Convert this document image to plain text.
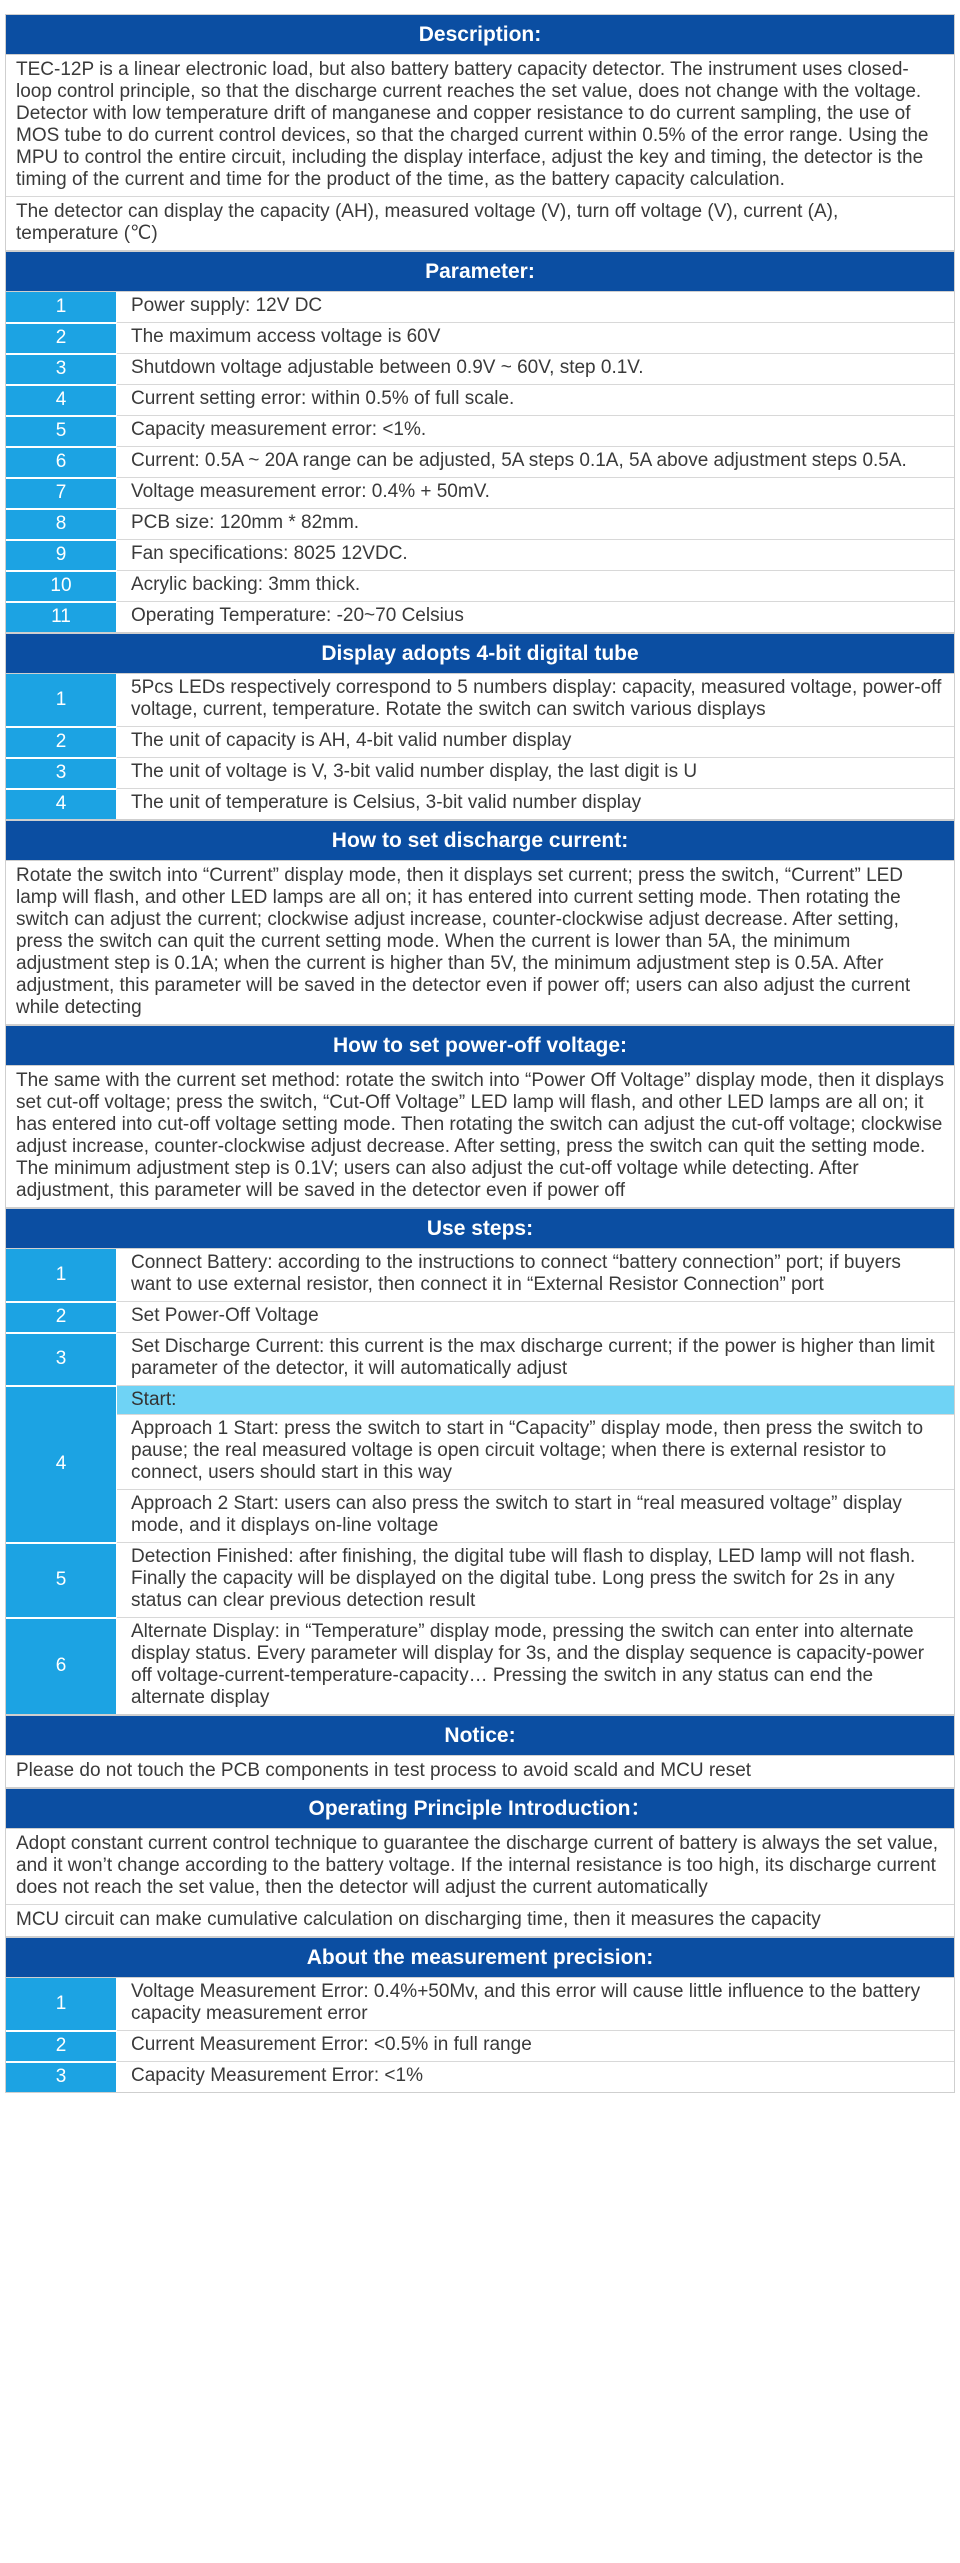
Description:
TEC-12P is a linear electronic load, but also battery battery capacity detector. The instrument uses closed-loop control principle, so that the discharge current reaches the set value, does not change with the voltage. Detector with low temperature drift of manganese and copper resistance to do current sampling, the use of MOS tube to do current control devices, so that the charged current within 0.5% of the error range. Using the MPU to control the entire circuit, including the display interface, adjust the key and timing, the detector is the timing of the current and time for the product of the time, as the battery capacity calculation.
The detector can display the capacity (AH), measured voltage (V), turn off voltage (V), current (A), temperature (℃)
Parameter:
1	Power supply: 12V DC
2	The maximum access voltage is 60V
3	Shutdown voltage adjustable between 0.9V ~ 60V, step 0.1V.
4	Current setting error: within 0.5% of full scale.
5	Capacity measurement error: <1%.
6	Current: 0.5A ~ 20A range can be adjusted, 5A steps 0.1A, 5A above adjustment steps 0.5A.
7	Voltage measurement error: 0.4% + 50mV.
8	PCB size: 120mm * 82mm.
9	Fan specifications: 8025 12VDC.
10	Acrylic backing: 3mm thick.
11	Operating Temperature: -20~70 Celsius
Display adopts 4-bit digital tube
1	5Pcs LEDs respectively correspond to 5 numbers display: capacity, measured voltage, power-off voltage, current, temperature. Rotate the switch can switch various displays
2	The unit of capacity is AH, 4-bit valid number display
3	The unit of voltage is V, 3-bit valid number display, the last digit is U
4	The unit of temperature is Celsius, 3-bit valid number display
How to set discharge current:
Rotate the switch into “Current” display mode, then it displays set current; press the switch, “Current” LED lamp will flash, and other LED lamps are all on; it has entered into current setting mode. Then rotating the switch can adjust the current; clockwise adjust increase, counter-clockwise adjust decrease. After setting, press the switch can quit the current setting mode. When the current is lower than 5A, the minimum adjustment step is 0.1A; when the current is higher than 5V, the minimum adjustment step is 0.5A. After adjustment, this parameter will be saved in the detector even if power off; users can also adjust the current while detecting
How to set power-off voltage:
The same with the current set method: rotate the switch into “Power Off Voltage” display mode, then it displays set cut-off voltage; press the switch, “Cut-Off Voltage” LED lamp will flash, and other LED lamps are all on; it has entered into cut-off voltage setting mode. Then rotating the switch can adjust the cut-off voltage; clockwise adjust increase, counter-clockwise adjust decrease. After setting, press the switch can quit the setting mode. The minimum adjustment step is 0.1V; users can also adjust the cut-off voltage while detecting. After adjustment, this parameter will be saved in the detector even if power off
Use steps:
1	Connect Battery: according to the instructions to connect “battery connection” port; if buyers want to use external resistor, then connect it in “External Resistor Connection” port
2	Set Power-Off Voltage
3	Set Discharge Current: this current is the max discharge current; if the power is higher than limit parameter of the detector, it will automatically adjust
4	Start:
	Approach 1 Start: press the switch to start in “Capacity” display mode, then press the switch to pause; the real measured voltage is open circuit voltage; when there is external resistor to connect, users should start in this way
	Approach 2 Start: users can also press the switch to start in “real measured voltage” display mode, and it displays on-line voltage
5	Detection Finished: after finishing, the digital tube will flash to display, LED lamp will not flash. Finally the capacity will be displayed on the digital tube. Long press the switch for 2s in any status can clear previous detection result
6	Alternate Display: in “Temperature” display mode, pressing the switch can enter into alternate display status. Every parameter will display for 3s, and the display sequence is capacity-power off voltage-current-temperature-capacity… Pressing the switch in any status can end the alternate display
Notice:
Please do not touch the PCB components in test process to avoid scald and MCU reset
Operating Principle Introduction：
Adopt constant current control technique to guarantee the discharge current of battery is always the set value, and it won’t change according to the battery voltage. If the internal resistance is too high, its discharge current does not reach the set value, then the detector will adjust the current automatically
MCU circuit can make cumulative calculation on discharging time, then it measures the capacity
About the measurement precision:
1	Voltage Measurement Error: 0.4%+50Mv, and this error will cause little influence to the battery capacity measurement error
2	Current Measurement Error: <0.5% in full range
3	Capacity Measurement Error: <1%
